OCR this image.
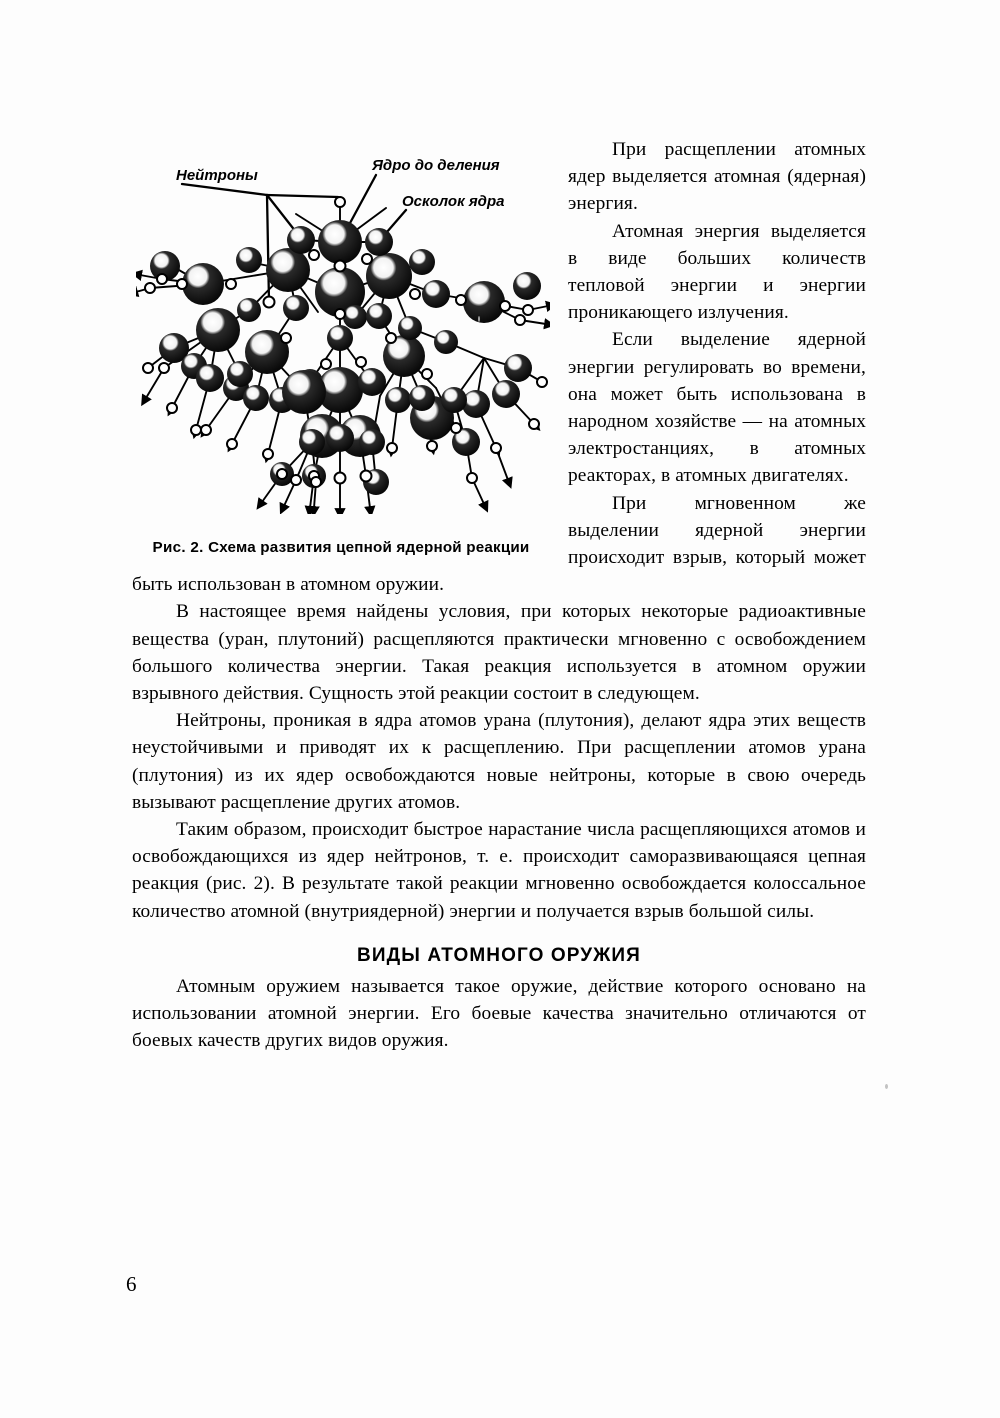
Нейтроны
Ядро до деления
Осколок ядра
Рис. 2. Схема развития цепной ядерной реакции

При расщеплении атомных ядер выделяется атомная (ядерная) энергия.

Атомная энергия выделяется в виде больших количеств тепловой энергии и энергии проникающего излучения.

Если выделение ядерной энергии регулировать во времени, она может быть использована в народном хозяйстве — на атомных электростанциях, в атомных реакторах, в атомных двигателях.

При мгновенном же выделении ядерной энергии происходит взрыв, который может быть использован в атомном оружии.

В настоящее время найдены условия, при которых некоторые радиоактивные вещества (уран, плутоний) расщепляются практически мгновенно с освобождением большого количества энергии. Такая реакция используется в атомном оружии взрывного действия. Сущность этой реакции состоит в следующем.

Нейтроны, проникая в ядра атомов урана (плутония), делают ядра этих веществ неустойчивыми и приводят их к расщеплению. При расщеплении атомов урана (плутония) из их ядер освобождаются новые нейтроны, которые в свою очередь вызывают расщепление других атомов.

Таким образом, происходит быстрое нарастание числа расщепляющихся атомов и освобождающихся из ядер нейтронов, т. е. происходит саморазвивающаяся цепная реакция (рис. 2). В результате такой реакции мгновенно освобождается колоссальное количество атомной (внутриядерной) энергии и получается взрыв большой силы.

ВИДЫ АТОМНОГО ОРУЖИЯ

Атомным оружием называется такое оружие, действие которого основано на использовании атомной энергии. Его боевые качества значительно отличаются от боевых качеств других видов оружия.

6
